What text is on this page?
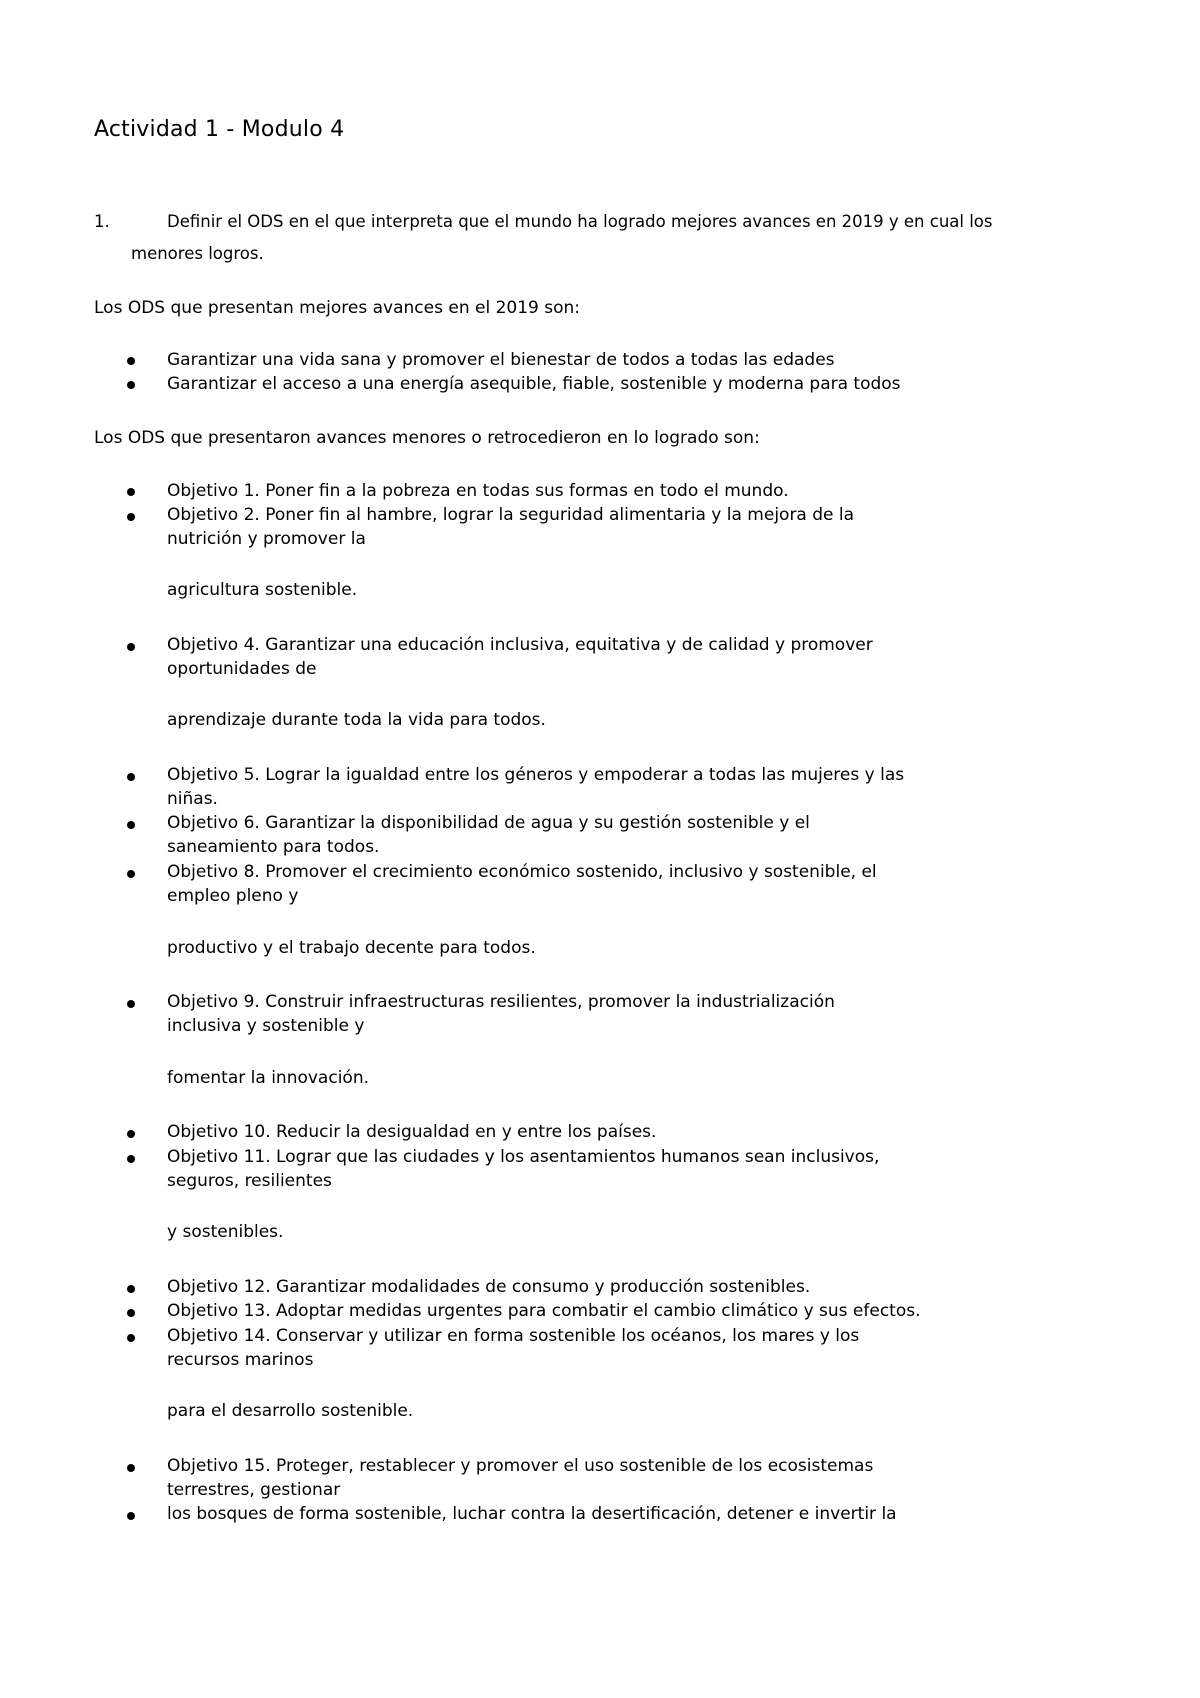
Actividad 1 - Modulo 4
1.	Definir el ODS en el que interpreta que el mundo ha logrado mejores avances en 2019 y en cual los
menores logros.
Los ODS que presentan mejores avances en el 2019 son:
Garantizar una vida sana y promover el bienestar de todos a todas las edades
Garantizar el acceso a una energía asequible, fiable, sostenible y moderna para todos
Los ODS que presentaron avances menores o retrocedieron en lo logrado son:
Objetivo 1. Poner fin a la pobreza en todas sus formas en todo el mundo.
Objetivo 2. Poner fin al hambre, lograr la seguridad alimentaria y la mejora de la
nutrición y promover la
agricultura sostenible.
Objetivo 4. Garantizar una educación inclusiva, equitativa y de calidad y promover
oportunidades de
aprendizaje durante toda la vida para todos.
Objetivo 5. Lograr la igualdad entre los géneros y empoderar a todas las mujeres y las
niñas.
Objetivo 6. Garantizar la disponibilidad de agua y su gestión sostenible y el
saneamiento para todos.
Objetivo 8. Promover el crecimiento económico sostenido, inclusivo y sostenible, el
empleo pleno y
productivo y el trabajo decente para todos.
Objetivo 9. Construir infraestructuras resilientes, promover la industrialización
inclusiva y sostenible y
fomentar la innovación.
Objetivo 10. Reducir la desigualdad en y entre los países.
Objetivo 11. Lograr que las ciudades y los asentamientos humanos sean inclusivos,
seguros, resilientes
y sostenibles.
Objetivo 12. Garantizar modalidades de consumo y producción sostenibles.
Objetivo 13. Adoptar medidas urgentes para combatir el cambio climático y sus efectos.
Objetivo 14. Conservar y utilizar en forma sostenible los océanos, los mares y los
recursos marinos
para el desarrollo sostenible.
Objetivo 15. Proteger, restablecer y promover el uso sostenible de los ecosistemas
terrestres, gestionar
los bosques de forma sostenible, luchar contra la desertificación, detener e invertir la
